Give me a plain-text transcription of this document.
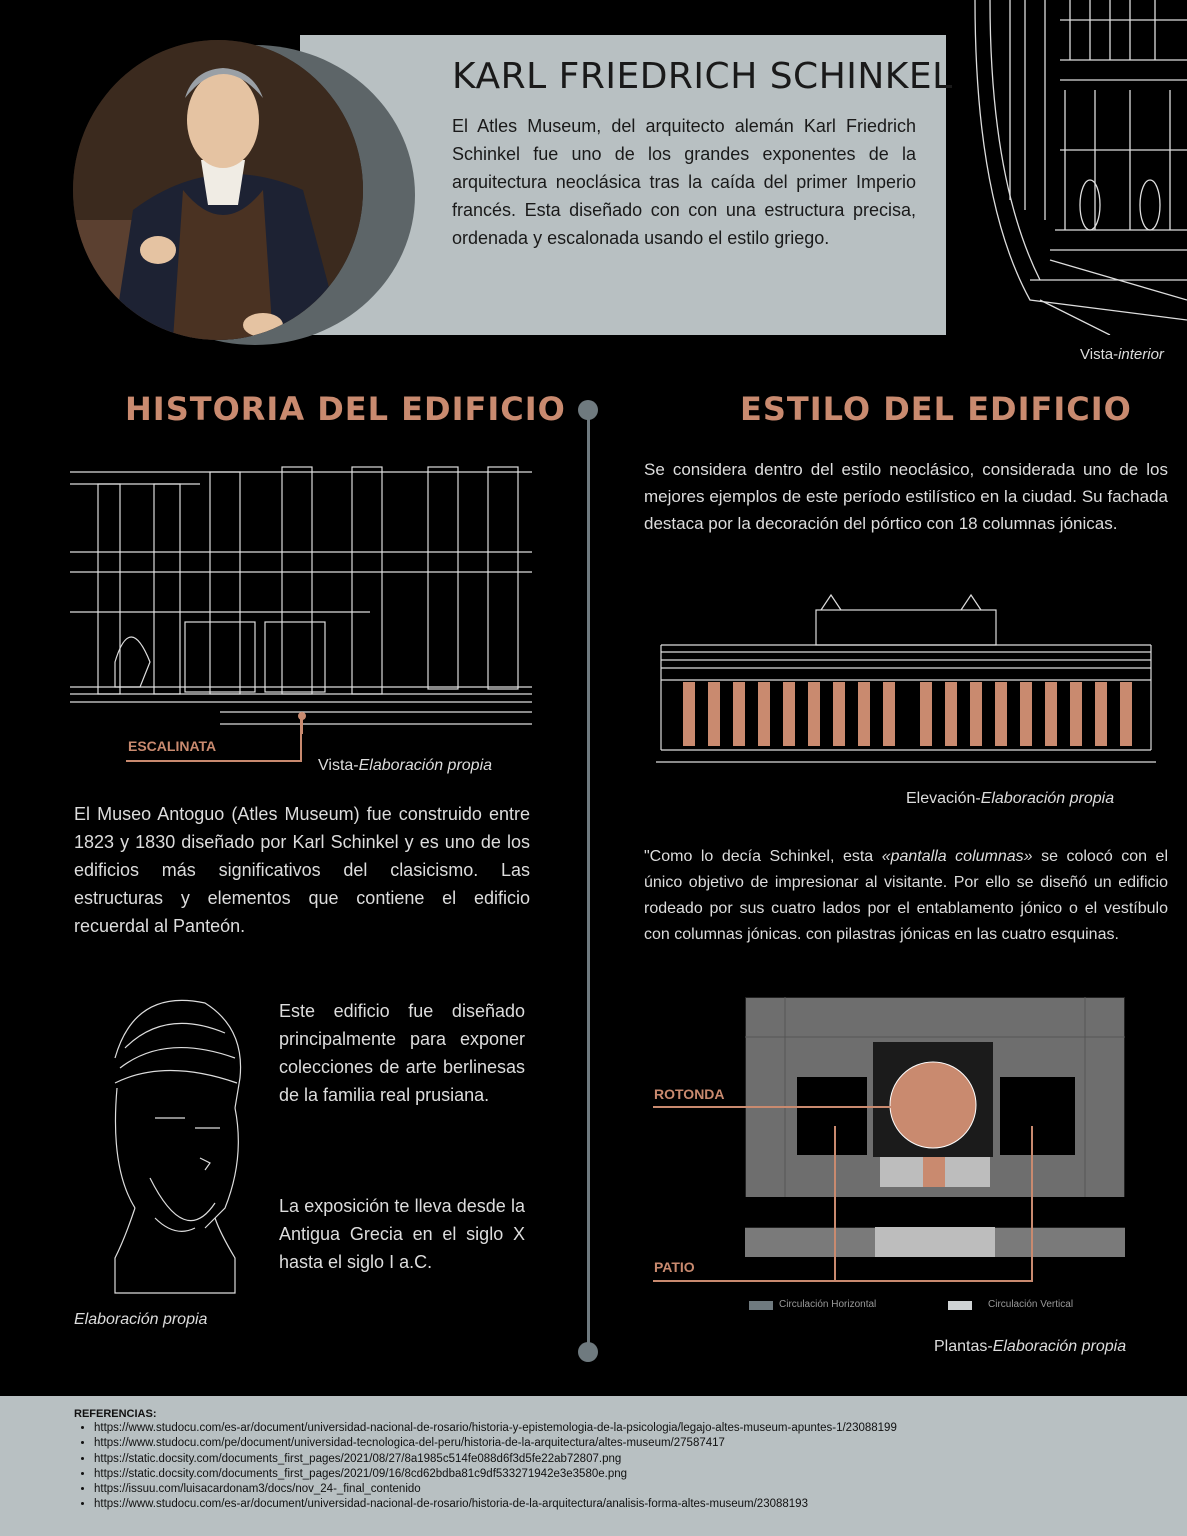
KARL FRIEDRICH SCHINKEL
El Atles Museum, del arquitecto alemán Karl Friedrich Schinkel fue uno de los grandes exponentes de la arquitectura neoclásica tras la caída del primer Imperio francés. Esta diseñado con con una estructura precisa, ordenada y escalonada usando el estilo griego.
Vista-interior
HISTORIA DEL EDIFICIO	ESTILO DEL EDIFICIO
ESCALINATA
Vista-Elaboración propia
El Museo Antoguo (Atles Museum) fue construido entre 1823 y 1830 diseñado por Karl Schinkel y es uno de los edificios más significativos del clasicismo. Las estructuras y elementos que contiene el edificio recuerdal al Panteón.
Este edificio fue diseñado principalmente para exponer colecciones de arte berlinesas de la familia real prusiana.
La exposición te lleva desde la Antigua Grecia en el siglo X hasta el siglo I a.C.
Elaboración propia
Se considera dentro del estilo neoclásico, considerada uno de los mejores ejemplos de este período estilístico en la ciudad. Su fachada destaca por la decoración del pórtico con 18 columnas jónicas.
Elevación-Elaboración propia
"Como lo decía Schinkel, esta «pantalla columnas» se colocó con el único objetivo de impresionar al visitante. Por ello se diseñó un edificio rodeado por sus cuatro lados por el entablamento jónico o el vestíbulo con columnas jónicas. con pilastras jónicas en las cuatro esquinas.
ROTONDA
PATIO
Circulación Horizontal	Circulación Vertical
Plantas-Elaboración propia
REFERENCIAS:
• https://www.studocu.com/es-ar/document/universidad-nacional-de-rosario/historia-y-epistemologia-de-la-psicologia/legajo-altes-museum-apuntes-1/23088199
• https://www.studocu.com/pe/document/universidad-tecnologica-del-peru/historia-de-la-arquitectura/altes-museum/27587417
• https://static.docsity.com/documents_first_pages/2021/08/27/8a1985c514fe088d6f3d5fe22ab72807.png
• https://static.docsity.com/documents_first_pages/2021/09/16/8cd62bdba81c9df533271942e3e3580e.png
• https://issuu.com/luisacardonam3/docs/nov_24-_final_contenido
• https://www.studocu.com/es-ar/document/universidad-nacional-de-rosario/historia-de-la-arquitectura/analisis-forma-altes-museum/23088193
